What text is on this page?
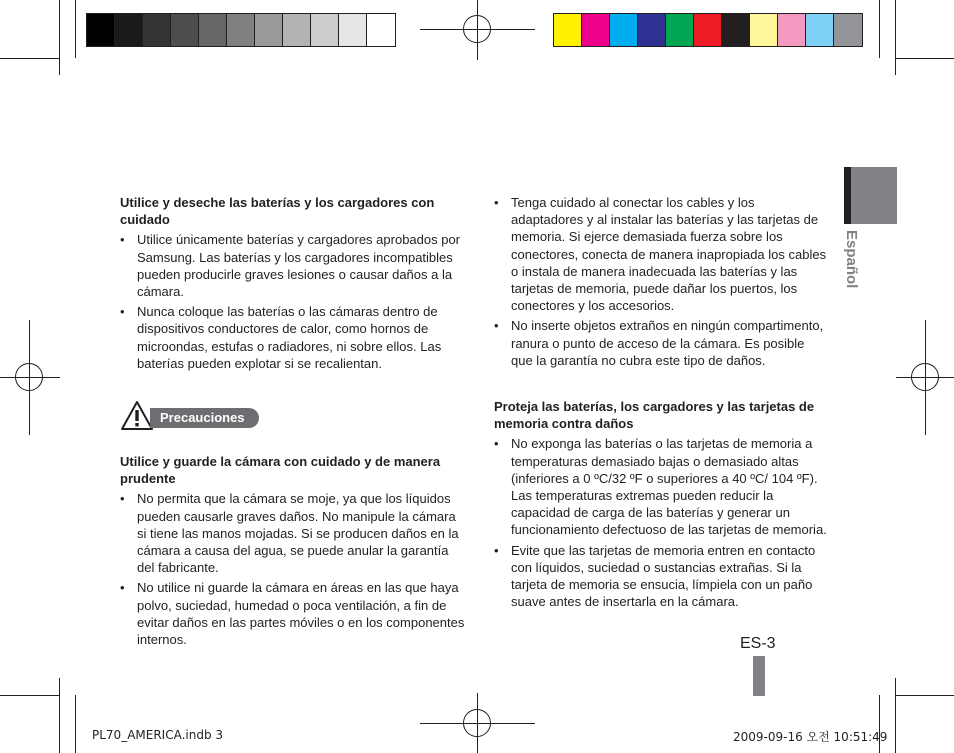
Español
Utilice y deseche las baterías y los cargadores con cuidado
• Utilice únicamente baterías y cargadores aprobados por Samsung. Las baterías y los cargadores incompatibles pueden producirle graves lesiones o causar daños a la cámara.
• Nunca coloque las baterías o las cámaras dentro de dispositivos conductores de calor, como hornos de microondas, estufas o radiadores, ni sobre ellos. Las baterías pueden explotar si se recalientan.
Precauciones
Utilice y guarde la cámara con cuidado y de manera prudente
• No permita que la cámara se moje, ya que los líquidos pueden causarle graves daños. No manipule la cámara si tiene las manos mojadas. Si se producen daños en la cámara a causa del agua, se puede anular la garantía del fabricante.
• No utilice ni guarde la cámara en áreas en las que haya polvo, suciedad, humedad o poca ventilación, a fin de evitar daños en las partes móviles o en los componentes internos.
• Tenga cuidado al conectar los cables y los adaptadores y al instalar las baterías y las tarjetas de memoria. Si ejerce demasiada fuerza sobre los conectores, conecta de manera inapropiada los cables o instala de manera inadecuada las baterías y las tarjetas de memoria, puede dañar los puertos, los conectores y los accesorios.
• No inserte objetos extraños en ningún compartimento, ranura o punto de acceso de la cámara. Es posible que la garantía no cubra este tipo de daños.
Proteja las baterías, los cargadores y las tarjetas de memoria contra daños
• No exponga las baterías o las tarjetas de memoria a temperaturas demasiado bajas o demasiado altas (inferiores a 0 ºC/32 ºF o superiores a 40 ºC/ 104 ºF). Las temperaturas extremas pueden reducir la capacidad de carga de las baterías y generar un funcionamiento defectuoso de las tarjetas de memoria.
• Evite que las tarjetas de memoria entren en contacto con líquidos, suciedad o sustancias extrañas. Si la tarjeta de memoria se ensucia, límpiela con un paño suave antes de insertarla en la cámara.
ES-3
PL70_AMERICA.indb 3	2009-09-16 오전 10:51:49
